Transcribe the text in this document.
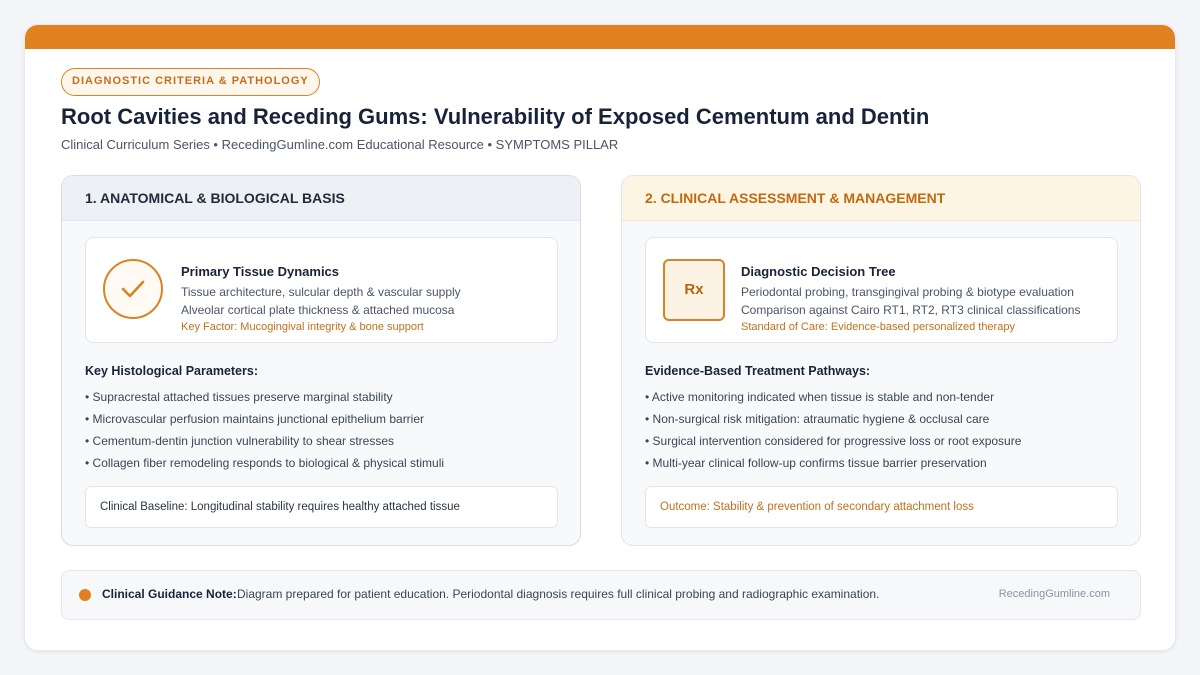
DIAGNOSTIC CRITERIA & PATHOLOGY
Root Cavities and Receding Gums: Vulnerability of Exposed Cementum and Dentin
Clinical Curriculum Series • RecedingGumline.com Educational Resource • SYMPTOMS PILLAR
1. ANATOMICAL & BIOLOGICAL BASIS
Primary Tissue Dynamics
Tissue architecture, sulcular depth & vascular supply
Alveolar cortical plate thickness & attached mucosa
Key Factor: Mucogingival integrity & bone support
Key Histological Parameters:
• Supracrestal attached tissues preserve marginal stability
• Microvascular perfusion maintains junctional epithelium barrier
• Cementum-dentin junction vulnerability to shear stresses
• Collagen fiber remodeling responds to biological & physical stimuli
Clinical Baseline: Longitudinal stability requires healthy attached tissue
2. CLINICAL ASSESSMENT & MANAGEMENT
Rx
Diagnostic Decision Tree
Periodontal probing, transgingival probing & biotype evaluation
Comparison against Cairo RT1, RT2, RT3 clinical classifications
Standard of Care: Evidence-based personalized therapy
Evidence-Based Treatment Pathways:
• Active monitoring indicated when tissue is stable and non-tender
• Non-surgical risk mitigation: atraumatic hygiene & occlusal care
• Surgical intervention considered for progressive loss or root exposure
• Multi-year clinical follow-up confirms tissue barrier preservation
Outcome: Stability & prevention of secondary attachment loss
Clinical Guidance Note: Diagram prepared for patient education. Periodontal diagnosis requires full clinical probing and radiographic examination.	RecedingGumline.com
